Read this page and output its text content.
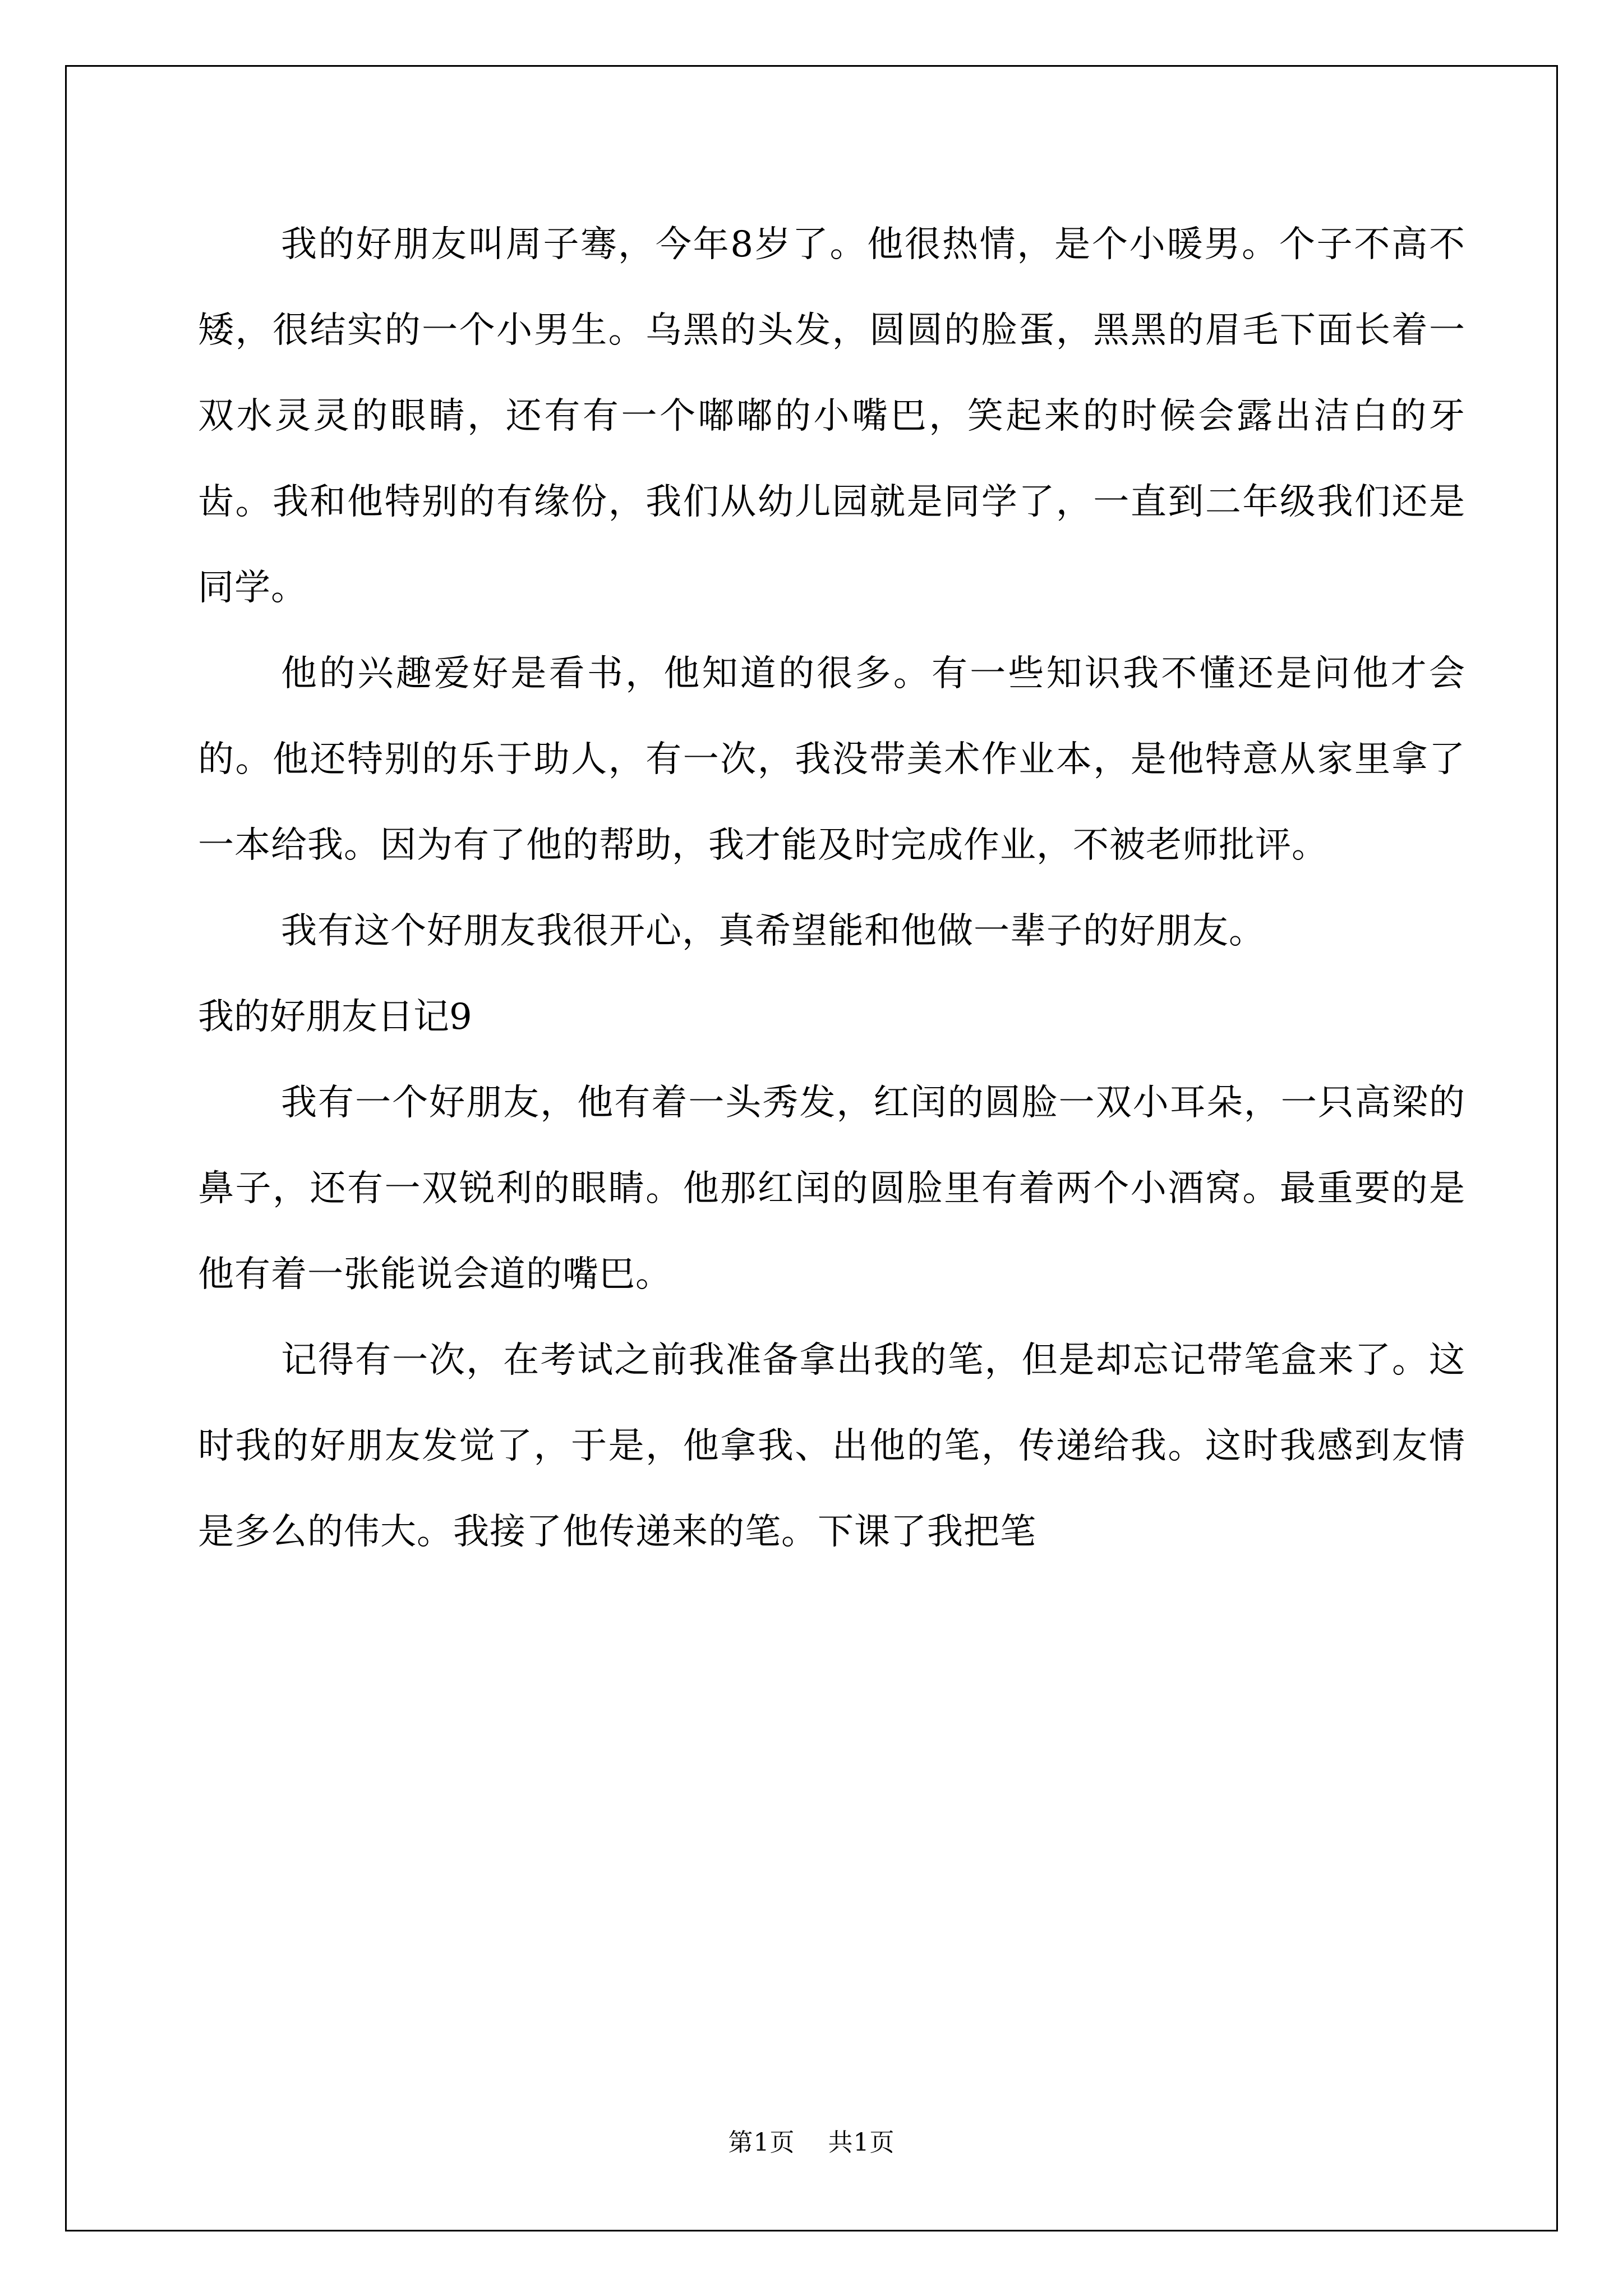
我的好朋友叫周子骞，今年8岁了。他很热情，是个小暖男。个子不高不矮，很结实的一个小男生。乌黑的头发，圆圆的脸蛋，黑黑的眉毛下面长着一双水灵灵的眼睛，还有有一个嘟嘟的小嘴巴，笑起来的时候会露出洁白的牙齿。我和他特别的有缘份，我们从幼儿园就是同学了，一直到二年级我们还是同学。

他的兴趣爱好是看书，他知道的很多。有一些知识我不懂还是问他才会的。他还特别的乐于助人，有一次，我没带美术作业本，是他特意从家里拿了一本给我。因为有了他的帮助，我才能及时完成作业，不被老师批评。

我有这个好朋友我很开心，真希望能和他做一辈子的好朋友。

我的好朋友日记9

我有一个好朋友，他有着一头秀发，红闰的圆脸一双小耳朵，一只高梁的鼻子，还有一双锐利的眼睛。他那红闰的圆脸里有着两个小酒窝。最重要的是他有着一张能说会道的嘴巴。

记得有一次，在考试之前我准备拿出我的笔，但是却忘记带笔盒来了。这时我的好朋友发觉了，于是，他拿我、出他的笔，传递给我。这时我感到友情是多么的伟大。我接了他传递来的笔。下课了我把笔

第1页 共1页
